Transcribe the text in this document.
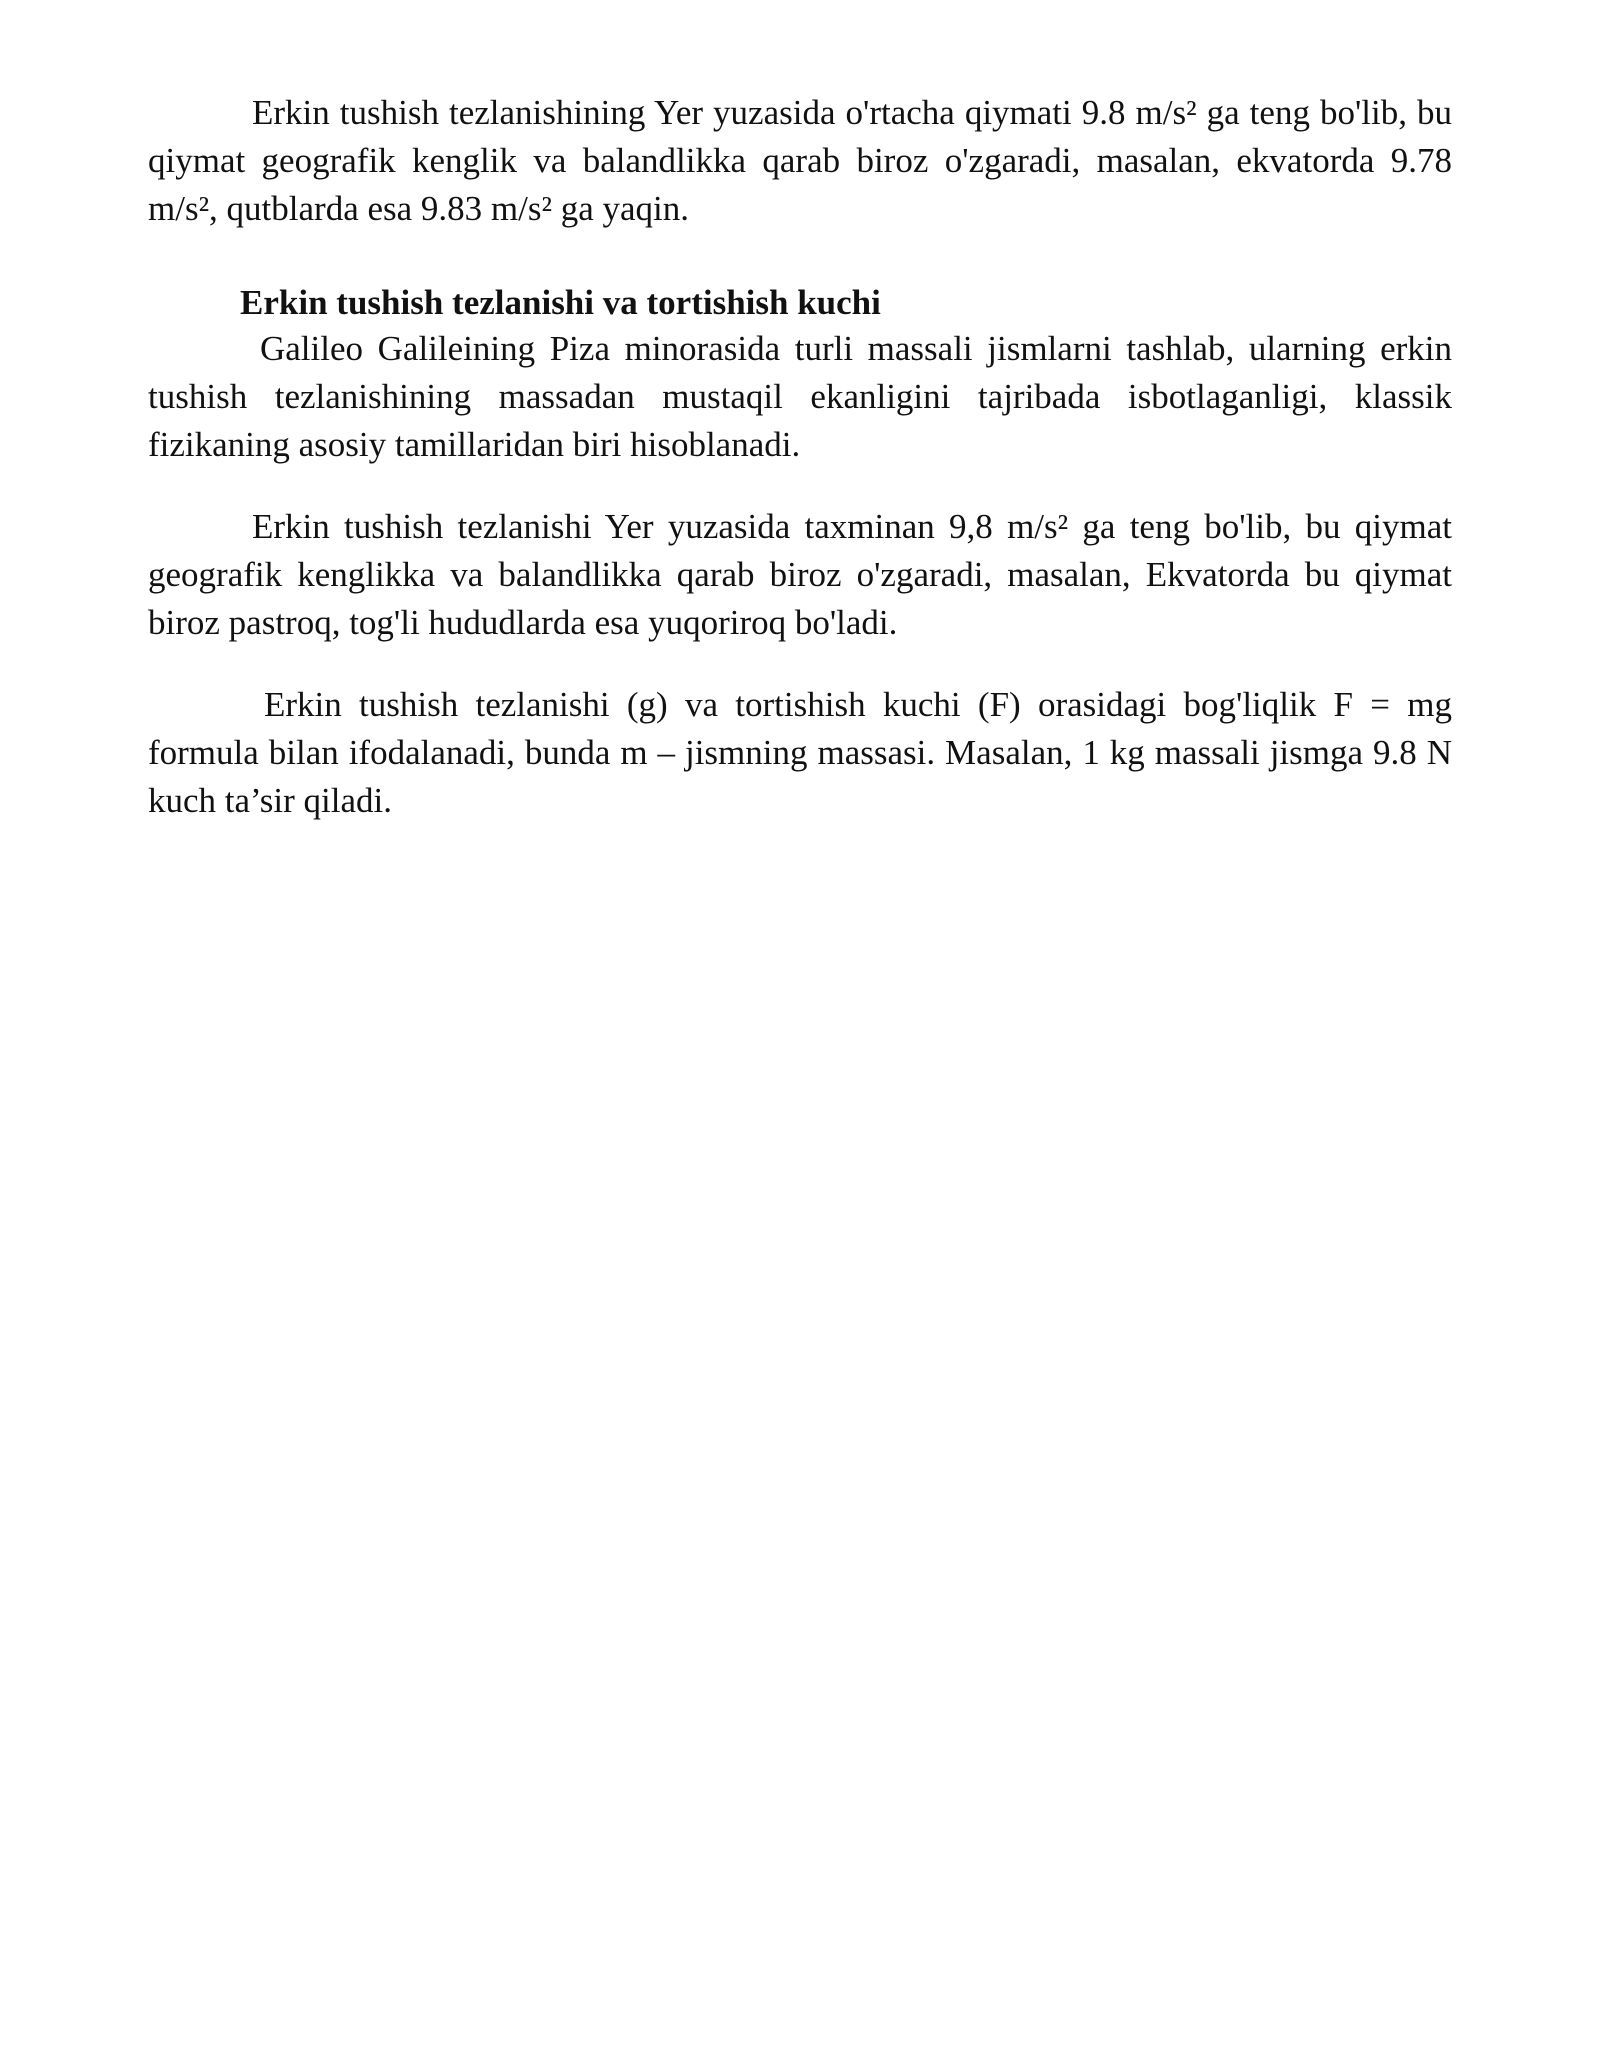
Erkin tushish tezlanishining Yer yuzasida o'rtacha qiymati 9.8 m/s² ga teng bo'lib, bu qiymat geografik kenglik va balandlikka qarab biroz o'zgaradi, masalan, ekvatorda 9.78 m/s², qutblarda esa 9.83 m/s² ga yaqin.

Erkin tushish tezlanishi va tortishish kuchi

Galileo Galileining Piza minorasida turli massali jismlarni tashlab, ularning erkin tushish tezlanishining massadan mustaqil ekanligini tajribada isbotlaganligi, klassik fizikaning asosiy tamillaridan biri hisoblanadi.

Erkin tushish tezlanishi Yer yuzasida taxminan 9,8 m/s² ga teng bo'lib, bu qiymat geografik kenglikka va balandlikka qarab biroz o'zgaradi, masalan, Ekvatorda bu qiymat biroz pastroq, tog'li hududlarda esa yuqoriroq bo'ladi.

Erkin tushish tezlanishi (g) va tortishish kuchi (F) orasidagi bog'liqlik F = mg formula bilan ifodalanadi, bunda m – jismning massasi. Masalan, 1 kg massali jismga 9.8 N kuch ta’sir qiladi.
